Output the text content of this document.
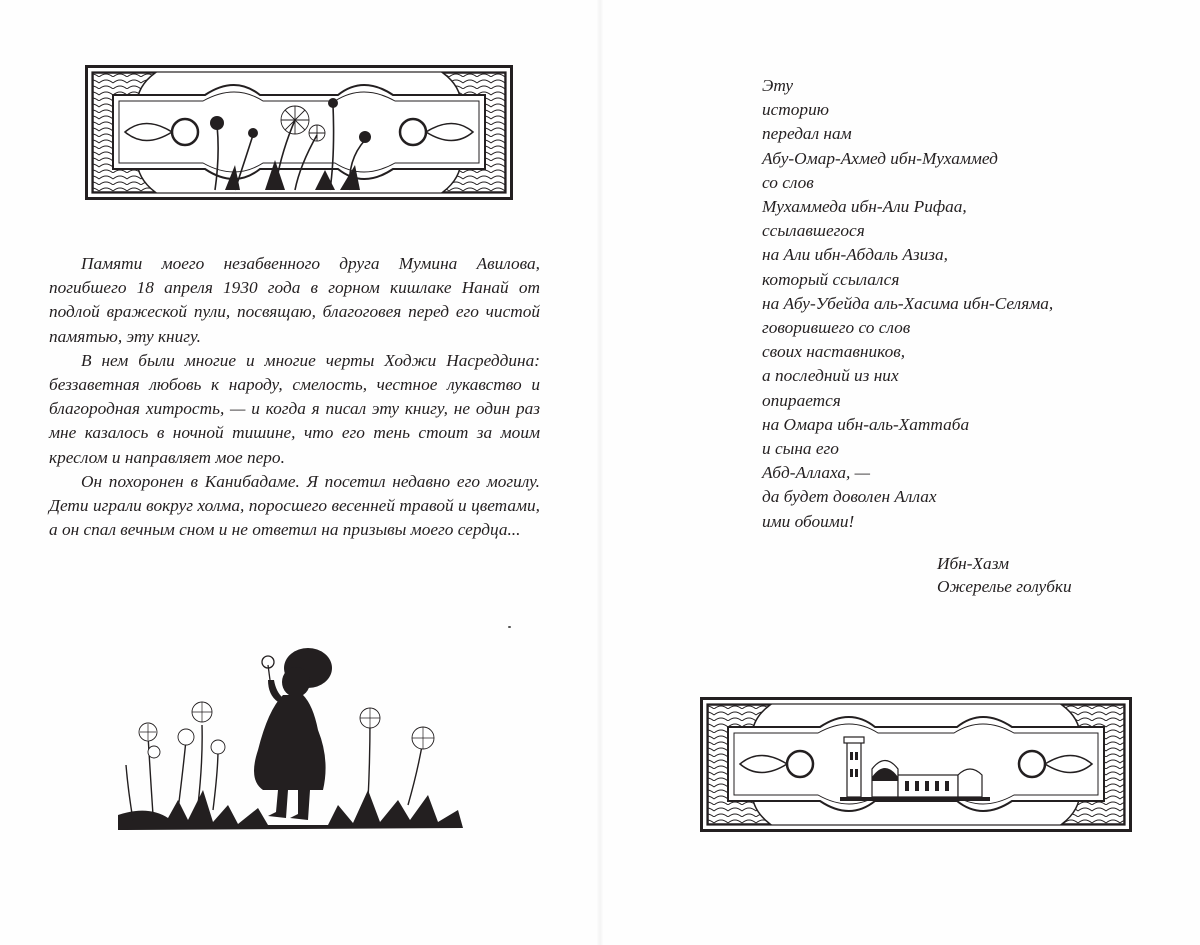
Памяти моего незабвенного друга Мумина Авилова, погибшего 18 апреля 1930 года в горном кишлаке Нанай от подлой вражеской пули, посвящаю, благоговея перед его чистой памятью, эту книгу.

В нем были многие и многие черты Ходжи Насреддина: беззаветная любовь к народу, смелость, честное лукавство и благородная хитрость, — и когда я писал эту книгу, не один раз мне казалось в ночной тишине, что его тень стоит за моим креслом и направляет мое перо.

Он похоронен в Канибадаме. Я посетил недавно его могилу. Дети играли вокруг холма, поросшего весенней травой и цветами, а он спал вечным сном и не ответил на призывы моего сердца...

Эту
историю
передал нам
Абу-Омар-Ахмед ибн-Мухаммед
со слов
Мухаммеда ибн-Али Рифаа,
ссылавшегося
на Али ибн-Абдаль Азиза,
который ссылался
на Абу-Убейда аль-Хасима ибн-Селяма,
говорившего со слов
своих наставников,
а последний из них
опирается
на Омара ибн-аль-Хаттаба
и сына его
Абд-Аллаха, —
да будет доволен Аллах
ими обоими!
Ибн-Хазм
Ожерелье голубки
